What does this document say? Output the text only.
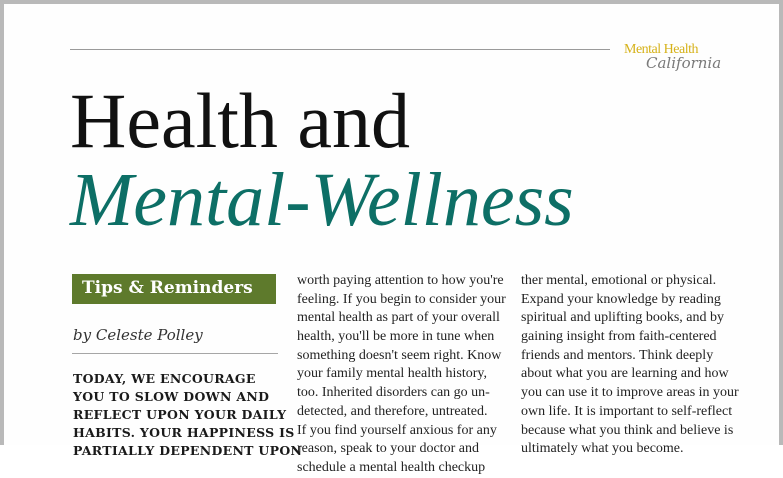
Mental Health
California
Health and
Mental-Wellness
Tips & Reminders
by Celeste Polley
TODAY, WE ENCOURAGE
YOU TO SLOW DOWN AND
REFLECT UPON YOUR DAILY
HABITS. YOUR HAPPINESS IS
PARTIALLY DEPENDENT UPON
worth paying attention to how you're
feeling. If you begin to consider your
mental health as part of your overall
health, you'll be more in tune when
something doesn't seem right. Know
your family mental health history,
too. Inherited disorders can go un-
detected, and therefore, untreated.
If you find yourself anxious for any
reason, speak to your doctor and
schedule a mental health checkup
ther mental, emotional or physical.
Expand your knowledge by reading
spiritual and uplifting books, and by
gaining insight from faith-centered
friends and mentors. Think deeply
about what you are learning and how
you can use it to improve areas in your
own life. It is important to self-reflect
because what you think and believe is
ultimately what you become.
